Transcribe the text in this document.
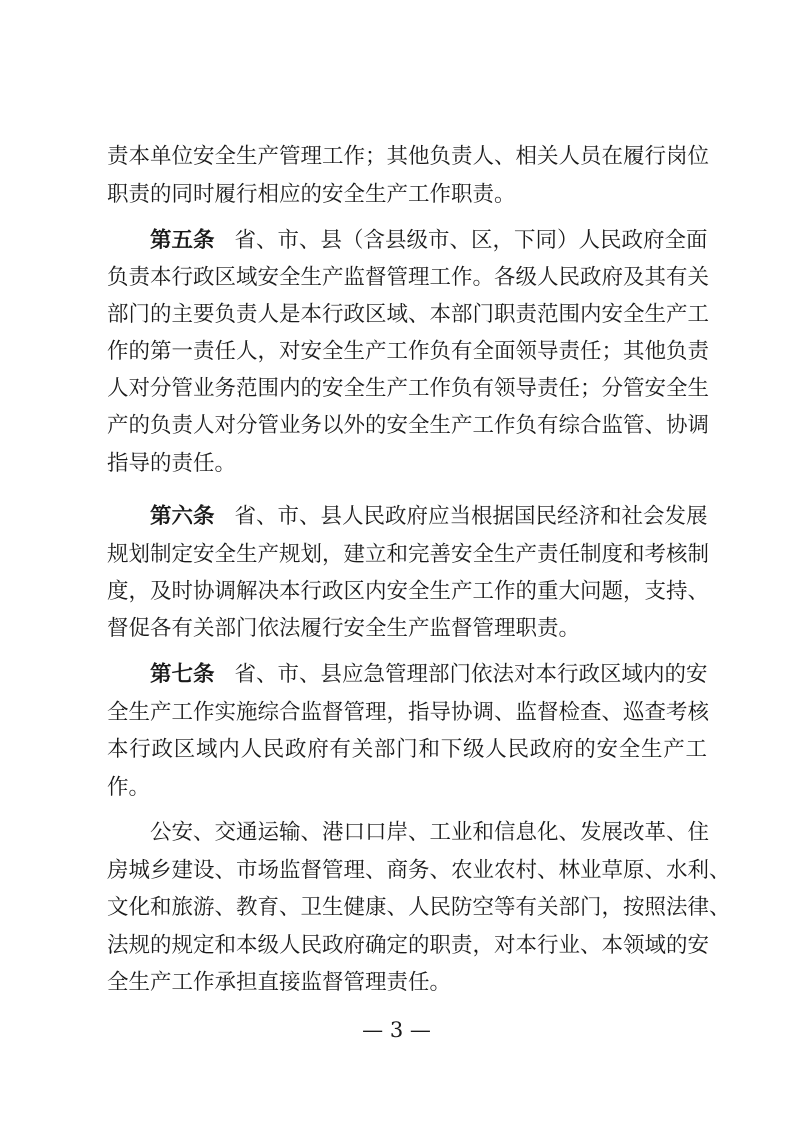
责本单位安全生产管理工作；其他负责人、相关人员在履行岗位
职责的同时履行相应的安全生产工作职责。
第五条 省、市、县（含县级市、区，下同）人民政府全面
负责本行政区域安全生产监督管理工作。各级人民政府及其有关
部门的主要负责人是本行政区域、本部门职责范围内安全生产工
作的第一责任人，对安全生产工作负有全面领导责任；其他负责
人对分管业务范围内的安全生产工作负有领导责任；分管安全生
产的负责人对分管业务以外的安全生产工作负有综合监管、协调
指导的责任。
第六条 省、市、县人民政府应当根据国民经济和社会发展
规划制定安全生产规划，建立和完善安全生产责任制度和考核制
度，及时协调解决本行政区内安全生产工作的重大问题，支持、
督促各有关部门依法履行安全生产监督管理职责。
第七条 省、市、县应急管理部门依法对本行政区域内的安
全生产工作实施综合监督管理，指导协调、监督检查、巡查考核
本行政区域内人民政府有关部门和下级人民政府的安全生产工
作。
公安、交通运输、港口口岸、工业和信息化、发展改革、住
房城乡建设、市场监督管理、商务、农业农村、林业草原、水利、
文化和旅游、教育、卫生健康、人民防空等有关部门，按照法律、
法规的规定和本级人民政府确定的职责，对本行业、本领域的安
全生产工作承担直接监督管理责任。
— 3 —
